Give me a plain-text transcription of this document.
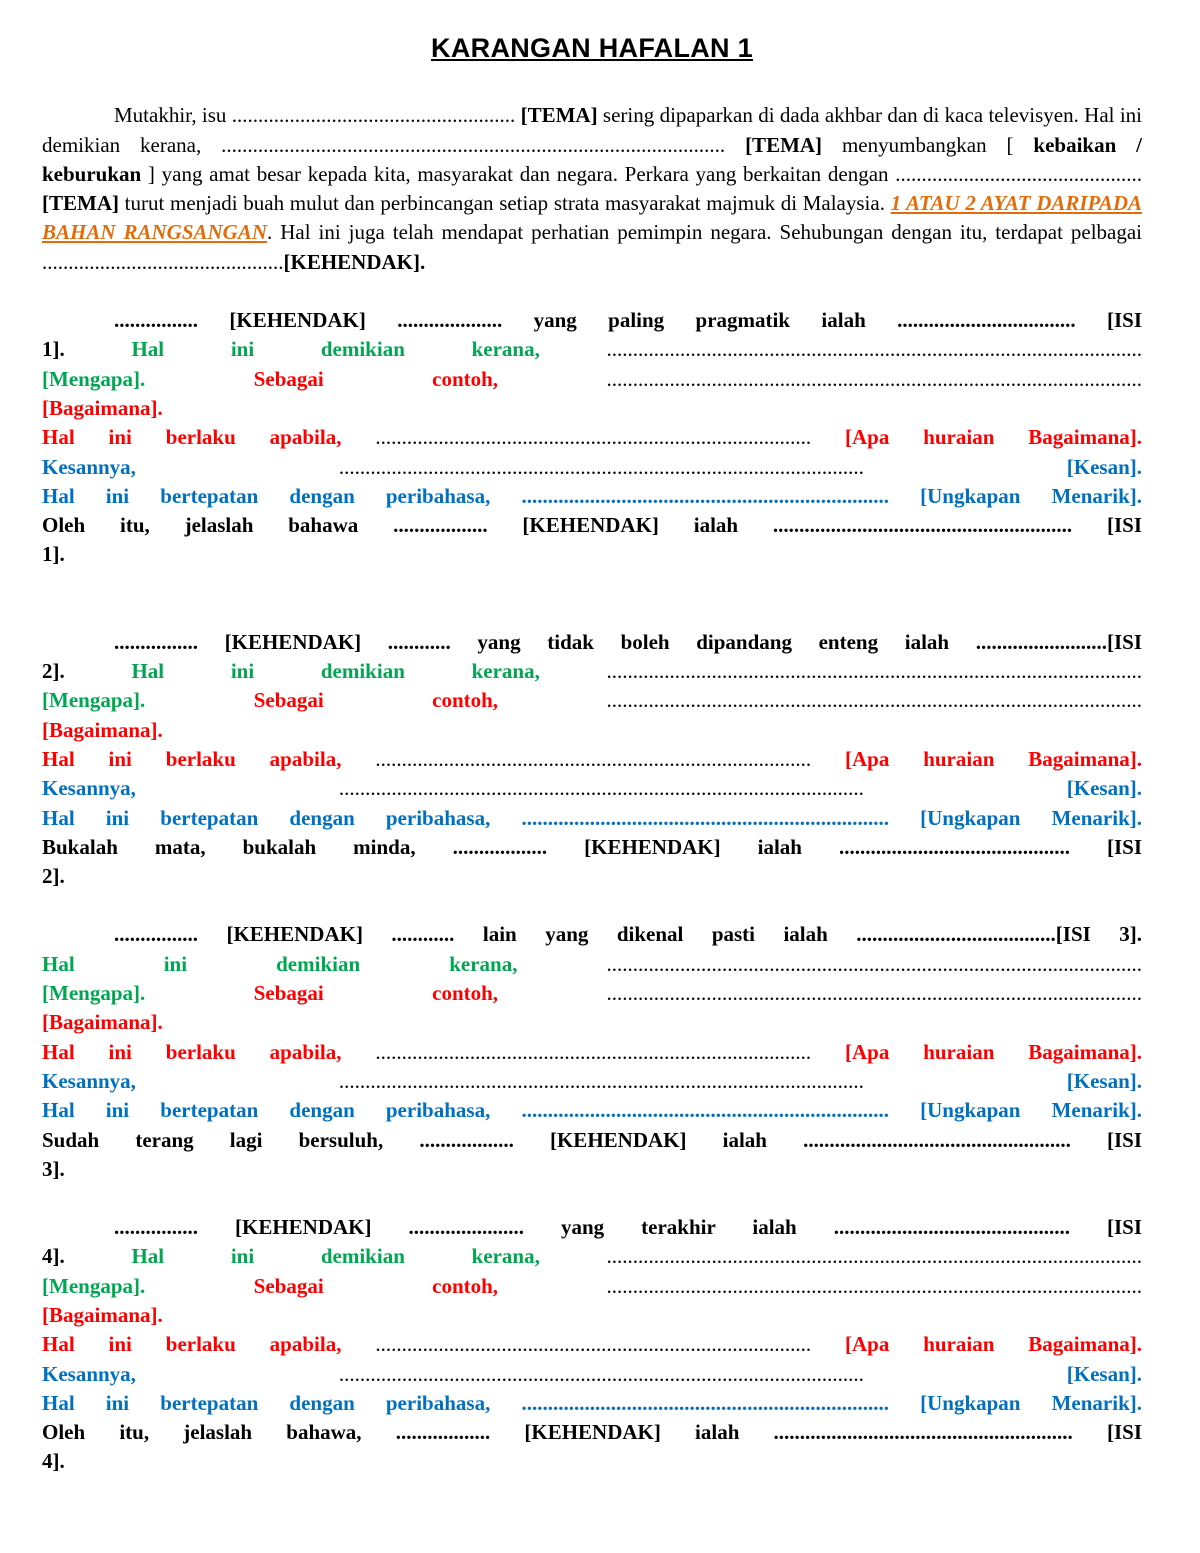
KARANGAN HAFALAN 1

Mutakhir, isu ...................................................... [TEMA] sering dipaparkan di dada akhbar dan di kaca televisyen. Hal ini demikian kerana, ................................................................................................ [TEMA] menyumbangkan [ kebaikan / keburukan ] yang amat besar kepada kita, masyarakat dan negara. Perkara yang berkaitan dengan ............................................... [TEMA] turut menjadi buah mulut dan perbincangan setiap strata masyarakat majmuk di Malaysia. 1 ATAU 2 AYAT DARIPADA BAHAN RANGSANGAN. Hal ini juga telah mendapat perhatian pemimpin negara. Sehubungan dengan itu, terdapat pelbagai ..............................................[KEHENDAK].

................ [KEHENDAK] .................... yang paling pragmatik ialah .................................. [ISI
1].	Hal ini demikian kerana,	......................................................................................................
[Mengapa].	Sebagai contoh,	......................................................................................................
[Bagaimana].
Hal ini berlaku apabila, ................................................................................... [Apa huraian Bagaimana].
Kesannya,	....................................................................................................	[Kesan].
Hal ini bertepatan dengan peribahasa, ...................................................................... [Ungkapan Menarik].
Oleh itu, jelaslah bahawa .................. [KEHENDAK] ialah ......................................................... [ISI
1].
................ [KEHENDAK] ............ yang tidak boleh dipandang enteng ialah .........................[ISI
2].	Hal ini demikian kerana,	......................................................................................................
[Mengapa].	Sebagai contoh,	......................................................................................................
[Bagaimana].
Hal ini berlaku apabila, ................................................................................... [Apa huraian Bagaimana].
Kesannya,	....................................................................................................	[Kesan].
Hal ini bertepatan dengan peribahasa, ...................................................................... [Ungkapan Menarik].
Bukalah mata, bukalah minda, .................. [KEHENDAK] ialah ............................................ [ISI
2].
................ [KEHENDAK] ............ lain yang dikenal pasti ialah ......................................[ISI 3].
Hal ini demikian kerana,	......................................................................................................
[Mengapa].	Sebagai contoh,	......................................................................................................
[Bagaimana].
Hal ini berlaku apabila, ................................................................................... [Apa huraian Bagaimana].
Kesannya,	....................................................................................................	[Kesan].
Hal ini bertepatan dengan peribahasa, ...................................................................... [Ungkapan Menarik].
Sudah terang lagi bersuluh, .................. [KEHENDAK] ialah ................................................... [ISI
3].
................ [KEHENDAK] ...................... yang terakhir ialah ............................................. [ISI
4].	Hal ini demikian kerana,	......................................................................................................
[Mengapa].	Sebagai contoh,	......................................................................................................
[Bagaimana].
Hal ini berlaku apabila, ................................................................................... [Apa huraian Bagaimana].
Kesannya,	....................................................................................................	[Kesan].
Hal ini bertepatan dengan peribahasa, ...................................................................... [Ungkapan Menarik].
Oleh itu, jelaslah bahawa, .................. [KEHENDAK] ialah ......................................................... [ISI
4].
